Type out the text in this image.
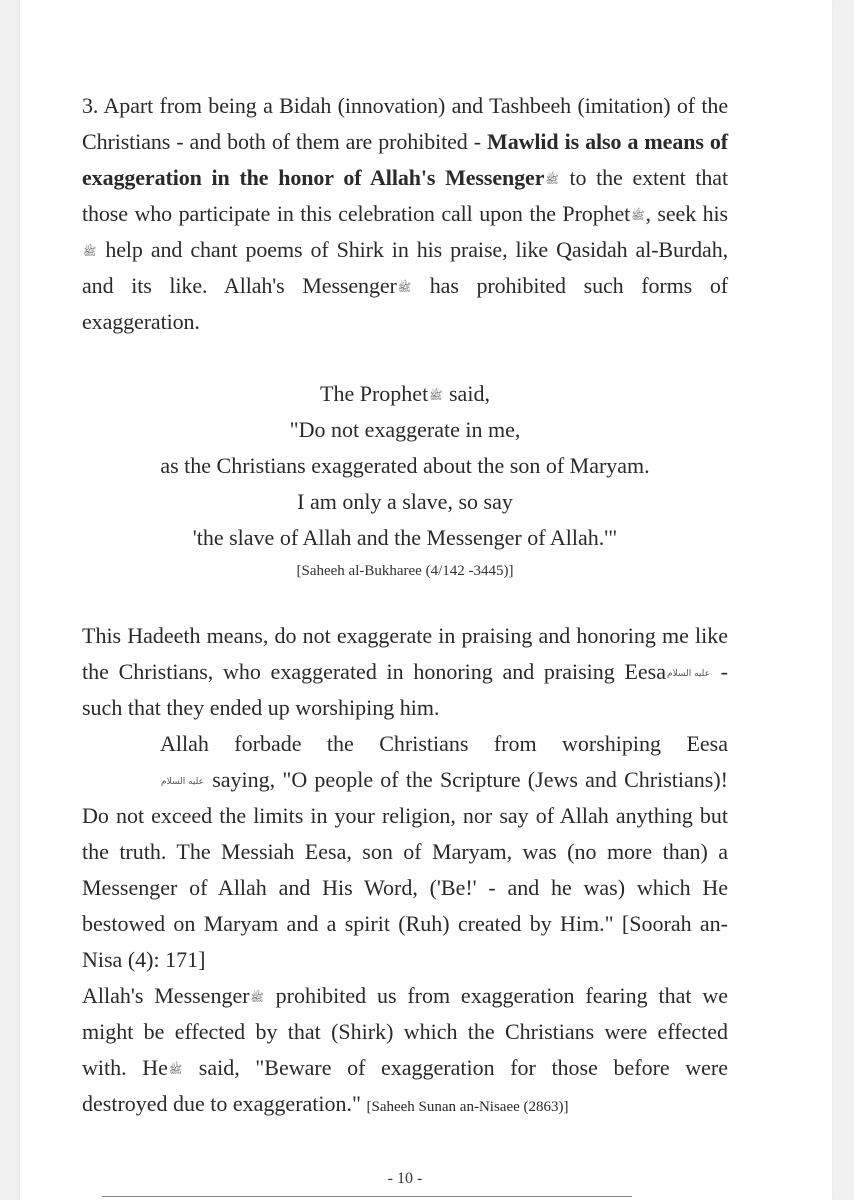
3. Apart from being a Bidah (innovation) and Tashbeeh (imitation) of the Christians - and both of them are prohibited - Mawlid is also a means of exaggeration in the honor of Allah's Messengerﷺ to the extent that those who participate in this celebration call upon the Prophetﷺ, seek hisﷺ help and chant poems of Shirk in his praise, like Qasidah al-Burdah, and its like. Allah's Messengerﷺ has prohibited such forms of exaggeration.

The Prophetﷺ said,
"Do not exaggerate in me,
as the Christians exaggerated about the son of Maryam.
I am only a slave, so say
'the slave of Allah and the Messenger of Allah.'"
[Saheeh al-Bukharee (4/142 -3445)]

This Hadeeth means, do not exaggerate in praising and honoring me like the Christians, who exaggerated in honoring and praising Eesaعليه السلام - such that they ended up worshiping him.

Allah forbade the Christians from worshiping Eesaعليه السلام saying, "O people of the Scripture (Jews and Christians)! Do not exceed the limits in your religion, nor say of Allah anything but the truth. The Messiah Eesa, son of Maryam, was (no more than) a Messenger of Allah and His Word, ('Be!' - and he was) which He bestowed on Maryam and a spirit (Ruh) created by Him." [Soorah an-Nisa (4): 171]

Allah's Messengerﷺ prohibited us from exaggeration fearing that we might be effected by that (Shirk) which the Christians were effected with. Heﷺ said, "Beware of exaggeration for those before were destroyed due to exaggeration." [Saheeh Sunan an-Nisaee (2863)]

- 10 -
